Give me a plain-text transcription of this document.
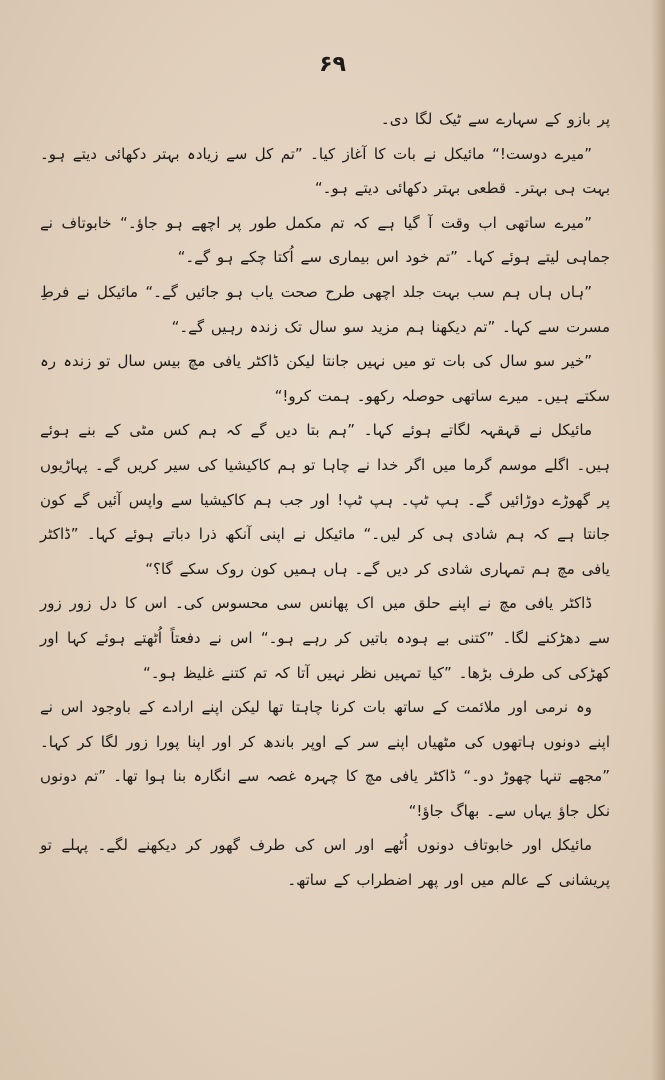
۶۹

پر بازو کے سہارے سے ٹیک لگا دی۔

”میرے دوست!“ مائیکل نے بات کا آغاز کیا۔ ”تم کل سے زیادہ بہتر دکھائی دیتے ہو۔ بہت ہی بہتر۔ قطعی بہتر دکھائی دیتے ہو۔“

”میرے ساتھی اب وقت آ گیا ہے کہ تم مکمل طور پر اچھے ہو جاؤ۔“ خابوتاف نے جماہی لیتے ہوئے کہا۔ ”تم خود اس بیماری سے اُکتا چکے ہو گے۔“

”ہاں ہاں ہم سب بہت جلد اچھی طرح صحت یاب ہو جائیں گے۔“ مائیکل نے فرطِ مسرت سے کہا۔ ”تم دیکھنا ہم مزید سو سال تک زندہ رہیں گے۔“

”خیر سو سال کی بات تو میں نہیں جانتا لیکن ڈاکٹر یافی مچ بیس سال تو زندہ رہ سکتے ہیں۔ میرے ساتھی حوصلہ رکھو۔ ہمت کرو!“

مائیکل نے قہقہہ لگاتے ہوئے کہا۔ ”ہم بتا دیں گے کہ ہم کس مٹی کے بنے ہوئے ہیں۔ اگلے موسم گرما میں اگر خدا نے چاہا تو ہم کاکیشیا کی سیر کریں گے۔ پہاڑیوں پر گھوڑے دوڑائیں گے۔ ہپ ٹپ۔ ہپ ٹپ! اور جب ہم کاکیشیا سے واپس آئیں گے کون جانتا ہے کہ ہم شادی ہی کر لیں۔“ مائیکل نے اپنی آنکھ ذرا دباتے ہوئے کہا۔ ”ڈاکٹر یافی مچ ہم تمہاری شادی کر دیں گے۔ ہاں ہمیں کون روک سکے گا؟“

ڈاکٹر یافی مچ نے اپنے حلق میں اک پھانس سی محسوس کی۔ اس کا دل زور زور سے دھڑکنے لگا۔ ”کتنی بے ہودہ باتیں کر رہے ہو۔“ اس نے دفعتاً اُٹھتے ہوئے کہا اور کھڑکی کی طرف بڑھا۔ ”کیا تمہیں نظر نہیں آتا کہ تم کتنے غلیظ ہو۔“

وہ نرمی اور ملائمت کے ساتھ بات کرنا چاہتا تھا لیکن اپنے ارادے کے باوجود اس نے اپنے دونوں ہاتھوں کی مٹھیاں اپنے سر کے اوپر باندھ کر اور اپنا پورا زور لگا کر کہا۔ ”مجھے تنہا چھوڑ دو۔“ ڈاکٹر یافی مچ کا چہرہ غصہ سے انگارہ بنا ہوا تھا۔ ”تم دونوں نکل جاؤ یہاں سے۔ بھاگ جاؤ!“

مائیکل اور خابوتاف دونوں اُٹھے اور اس کی طرف گھور کر دیکھنے لگے۔ پہلے تو پریشانی کے عالم میں اور پھر اضطراب کے ساتھ۔
